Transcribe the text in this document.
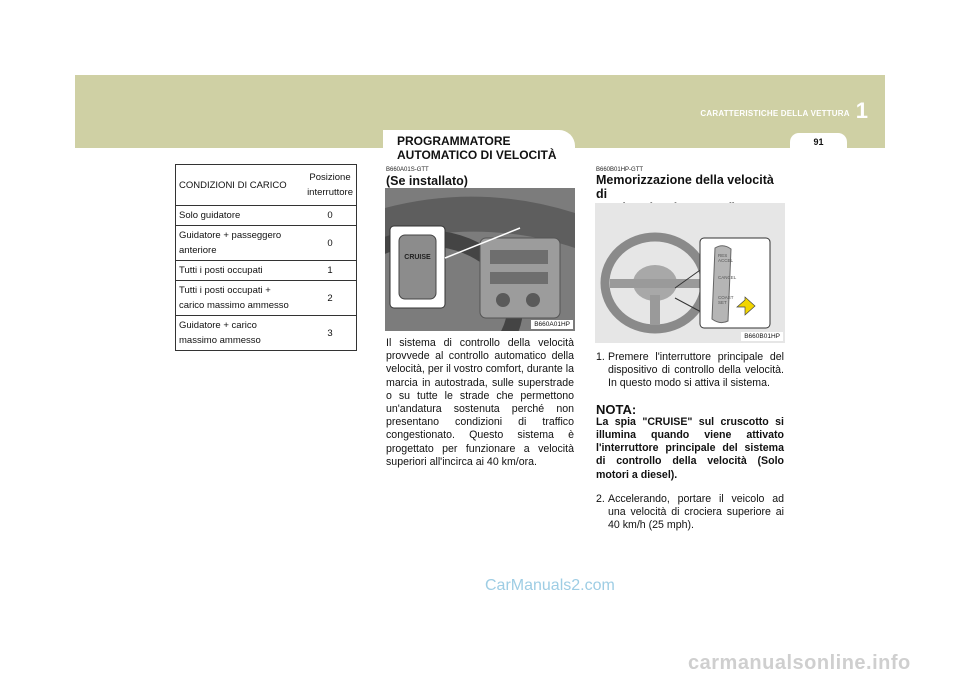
CARATTERISTICHE DELLA VETTURA 1
91
PROGRAMMATORE
AUTOMATICO DI VELOCITÀ
CONDIZIONI DI CARICO	Posizione
interruttore
Solo guidatore	0
Guidatore + passeggero
anteriore	0
Tutti i posti occupati	1
Tutti i posti occupati +
carico massimo ammesso	2
Guidatore + carico
massimo ammesso	3
B660A01S-GTT
(Se installato)
CRUISE
B660A01HP
Il sistema di controllo della velocità provvede al controllo automatico della velocità, per il vostro comfort, durante la marcia in autostrada, sulle superstrade o su tutte le strade che permettono un'andatura sostenuta perché non presentano condizioni di traffico congestionato. Questo sistema è progettato per funzionare a velocità superiori all'incirca ai 40 km/ora.
B660B01HP-GTT
Memorizzazione della velocità di

RES ACCEL
CANCEL
COAST SET
B660B01HP
1. Premere l'interruttore principale del dispositivo di controllo della velocità. In questo modo si attiva il sistema.
NOTA:
La spia "CRUISE" sul cruscotto si illumina quando viene attivato l'interruttore principale del sistema di controllo della velocità (Solo motori a diesel).
2. Accelerando, portare il veicolo ad una velocità di crociera superiore ai 40 km/h (25 mph).
CarManuals2.com
carmanualsonline.info
